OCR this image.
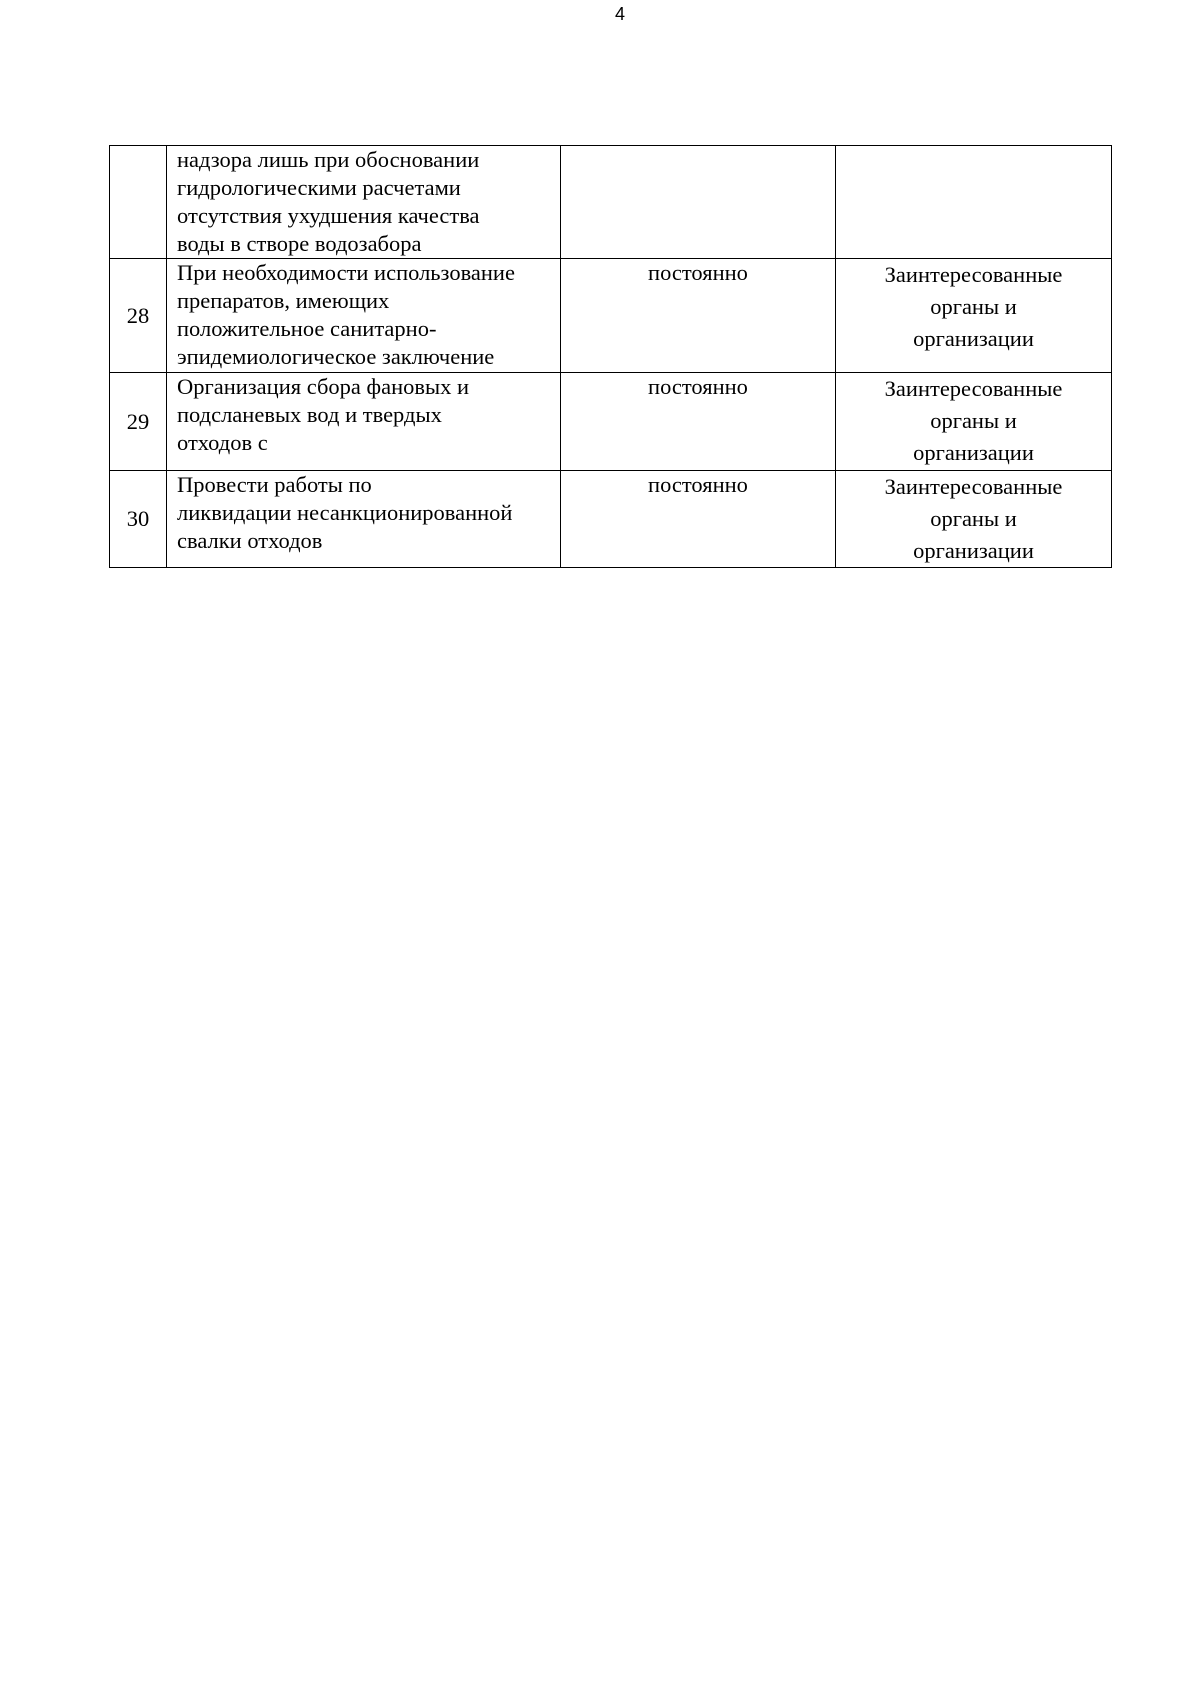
4

	надзора лишь при обосновании
гидрологическими расчетами
отсутствия ухудшения качества
воды в створе водозабора		

28	При необходимости использование
препаратов, имеющих
положительное санитарно-
эпидемиологическое заключение	постоянно	Заинтересованные
органы и
организации
29	Организация сбора фановых и
подсланевых вод и твердых
отходов с	постоянно	Заинтересованные
органы и
организации
30	Провести работы по
ликвидации несанкционированной
свалки отходов	постоянно	Заинтересованные
органы и
организации
